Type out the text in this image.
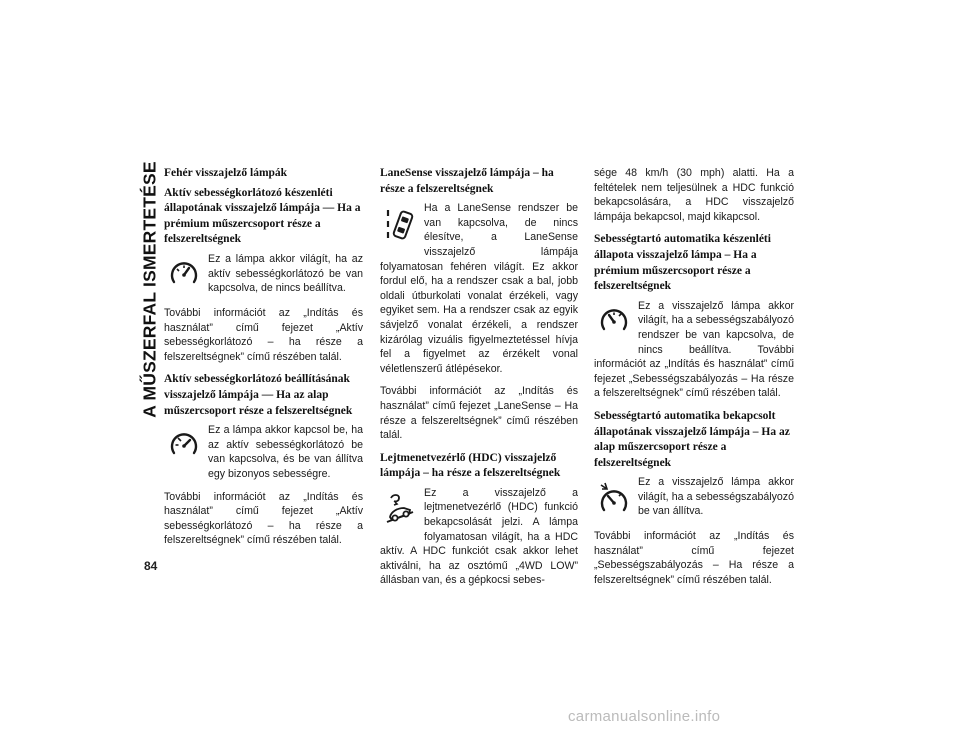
A MŰSZERFAL ISMERTETÉSE
84
Fehér visszajelző lámpák
Aktív sebességkorlátozó készenléti állapotának visszajelző lámpája — Ha a prémium műszercsoport része a felszereltségnek
Ez a lámpa akkor világít, ha az aktív sebességkorlátozó be van kapcsolva, de nincs beállítva.
További információt az „Indítás és használat” című fejezet „Aktív sebességkorlátozó – ha része a felszereltségnek” című részében talál.
Aktív sebességkorlátozó beállításának visszajelző lámpája — Ha az alap műszercsoport része a felszereltségnek
Ez a lámpa akkor kapcsol be, ha az aktív sebességkorlátozó be van kapcsolva, és be van állítva egy bizonyos sebességre.
További információt az „Indítás és használat” című fejezet „Aktív sebességkorlátozó – ha része a felszereltségnek” című részében talál.
LaneSense visszajelző lámpája – ha része a felszereltségnek
Ha a LaneSense rendszer be van kapcsolva, de nincs élesítve, a LaneSense visszajelző lámpája folyamatosan fehéren világít. Ez akkor fordul elő, ha a rendszer csak a bal, jobb oldali útburkolati vonalat érzékeli, vagy egyiket sem. Ha a rendszer csak az egyik sávjelző vonalat érzékeli, a rendszer kizárólag vizuális figyelmeztetéssel hívja fel a figyelmet az érzékelt vonal véletlenszerű átlépésekor.
További információt az „Indítás és használat” című fejezet „LaneSense – Ha része a felszereltségnek” című részében talál.
Lejtmenetvezérlő (HDC) visszajelző lámpája – ha része a felszereltségnek
Ez a visszajelző a lejtmenetvezérlő (HDC) funkció bekapcsolását jelzi. A lámpa folyamatosan világít, ha a HDC aktív. A HDC funkciót csak akkor lehet aktiválni, ha az osztómű „4WD LOW” állásban van, és a gépkocsi sebes-
sége 48 km/h (30 mph) alatti. Ha a feltételek nem teljesülnek a HDC funkció bekapcsolására, a HDC visszajelző lámpája bekapcsol, majd kikapcsol.
Sebességtartó automatika készenléti állapota visszajelző lámpa – Ha a prémium műszercsoport része a felszereltségnek
Ez a visszajelző lámpa akkor világít, ha a sebességszabályozó rendszer be van kapcsolva, de nincs beállítva. További információt az „Indítás és használat” című fejezet „Sebességszabályozás – Ha része a felszereltségnek” című részében talál.
Sebességtartó automatika bekapcsolt állapotának visszajelző lámpája – Ha az alap műszercsoport része a felszereltségnek
Ez a visszajelző lámpa akkor világít, ha a sebességszabályozó be van állítva.
További információt az „Indítás és használat” című fejezet „Sebességszabályozás – Ha része a felszereltségnek” című részében talál.
carmanualsonline.info
